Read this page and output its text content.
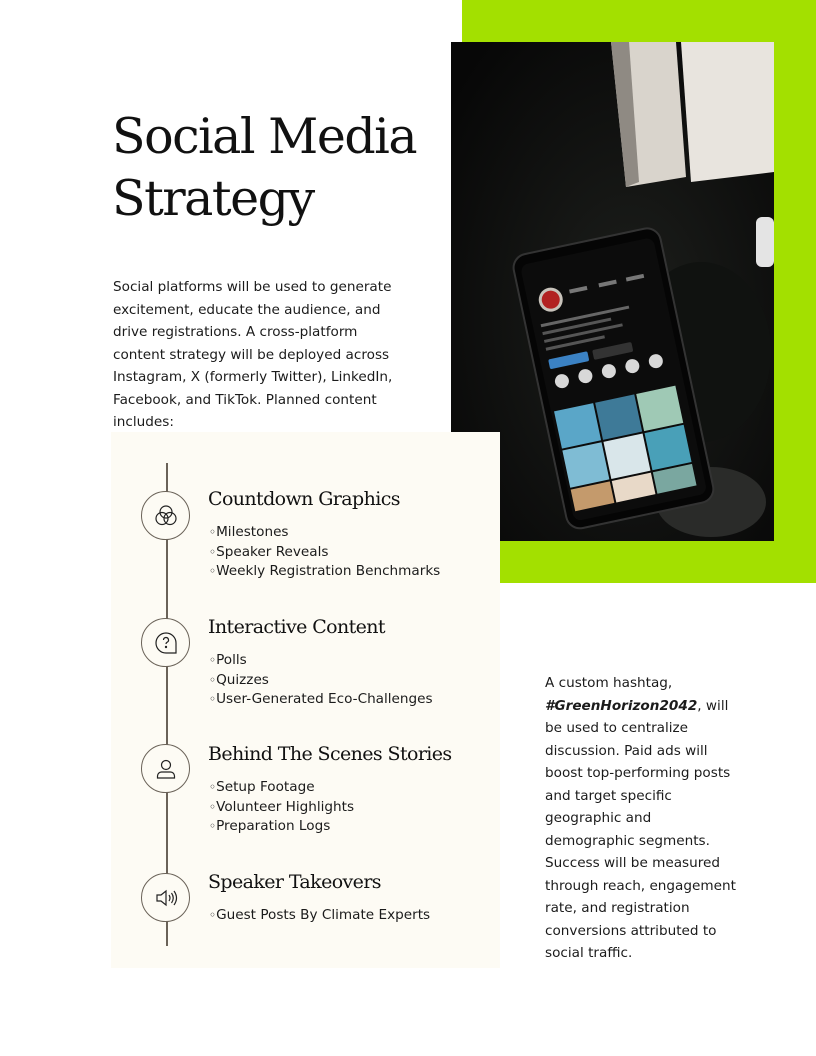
Social Media Strategy

Social platforms will be used to generate excitement, educate the audience, and drive registrations. A cross-platform content strategy will be deployed across Instagram, X (formerly Twitter), LinkedIn, Facebook, and TikTok. Planned content includes:

Countdown Graphics
◦ Milestones
◦ Speaker Reveals
◦ Weekly Registration Benchmarks
Interactive Content
◦ Polls
◦ Quizzes
◦ User-Generated Eco-Challenges
Behind The Scenes Stories
◦ Setup Footage
◦ Volunteer Highlights
◦ Preparation Logs
Speaker Takeovers
◦ Guest Posts By Climate Experts

A custom hashtag, #GreenHorizon2042, will be used to centralize discussion. Paid ads will boost top-performing posts and target specific geographic and demographic segments. Success will be measured through reach, engagement rate, and registration conversions attributed to social traffic.
